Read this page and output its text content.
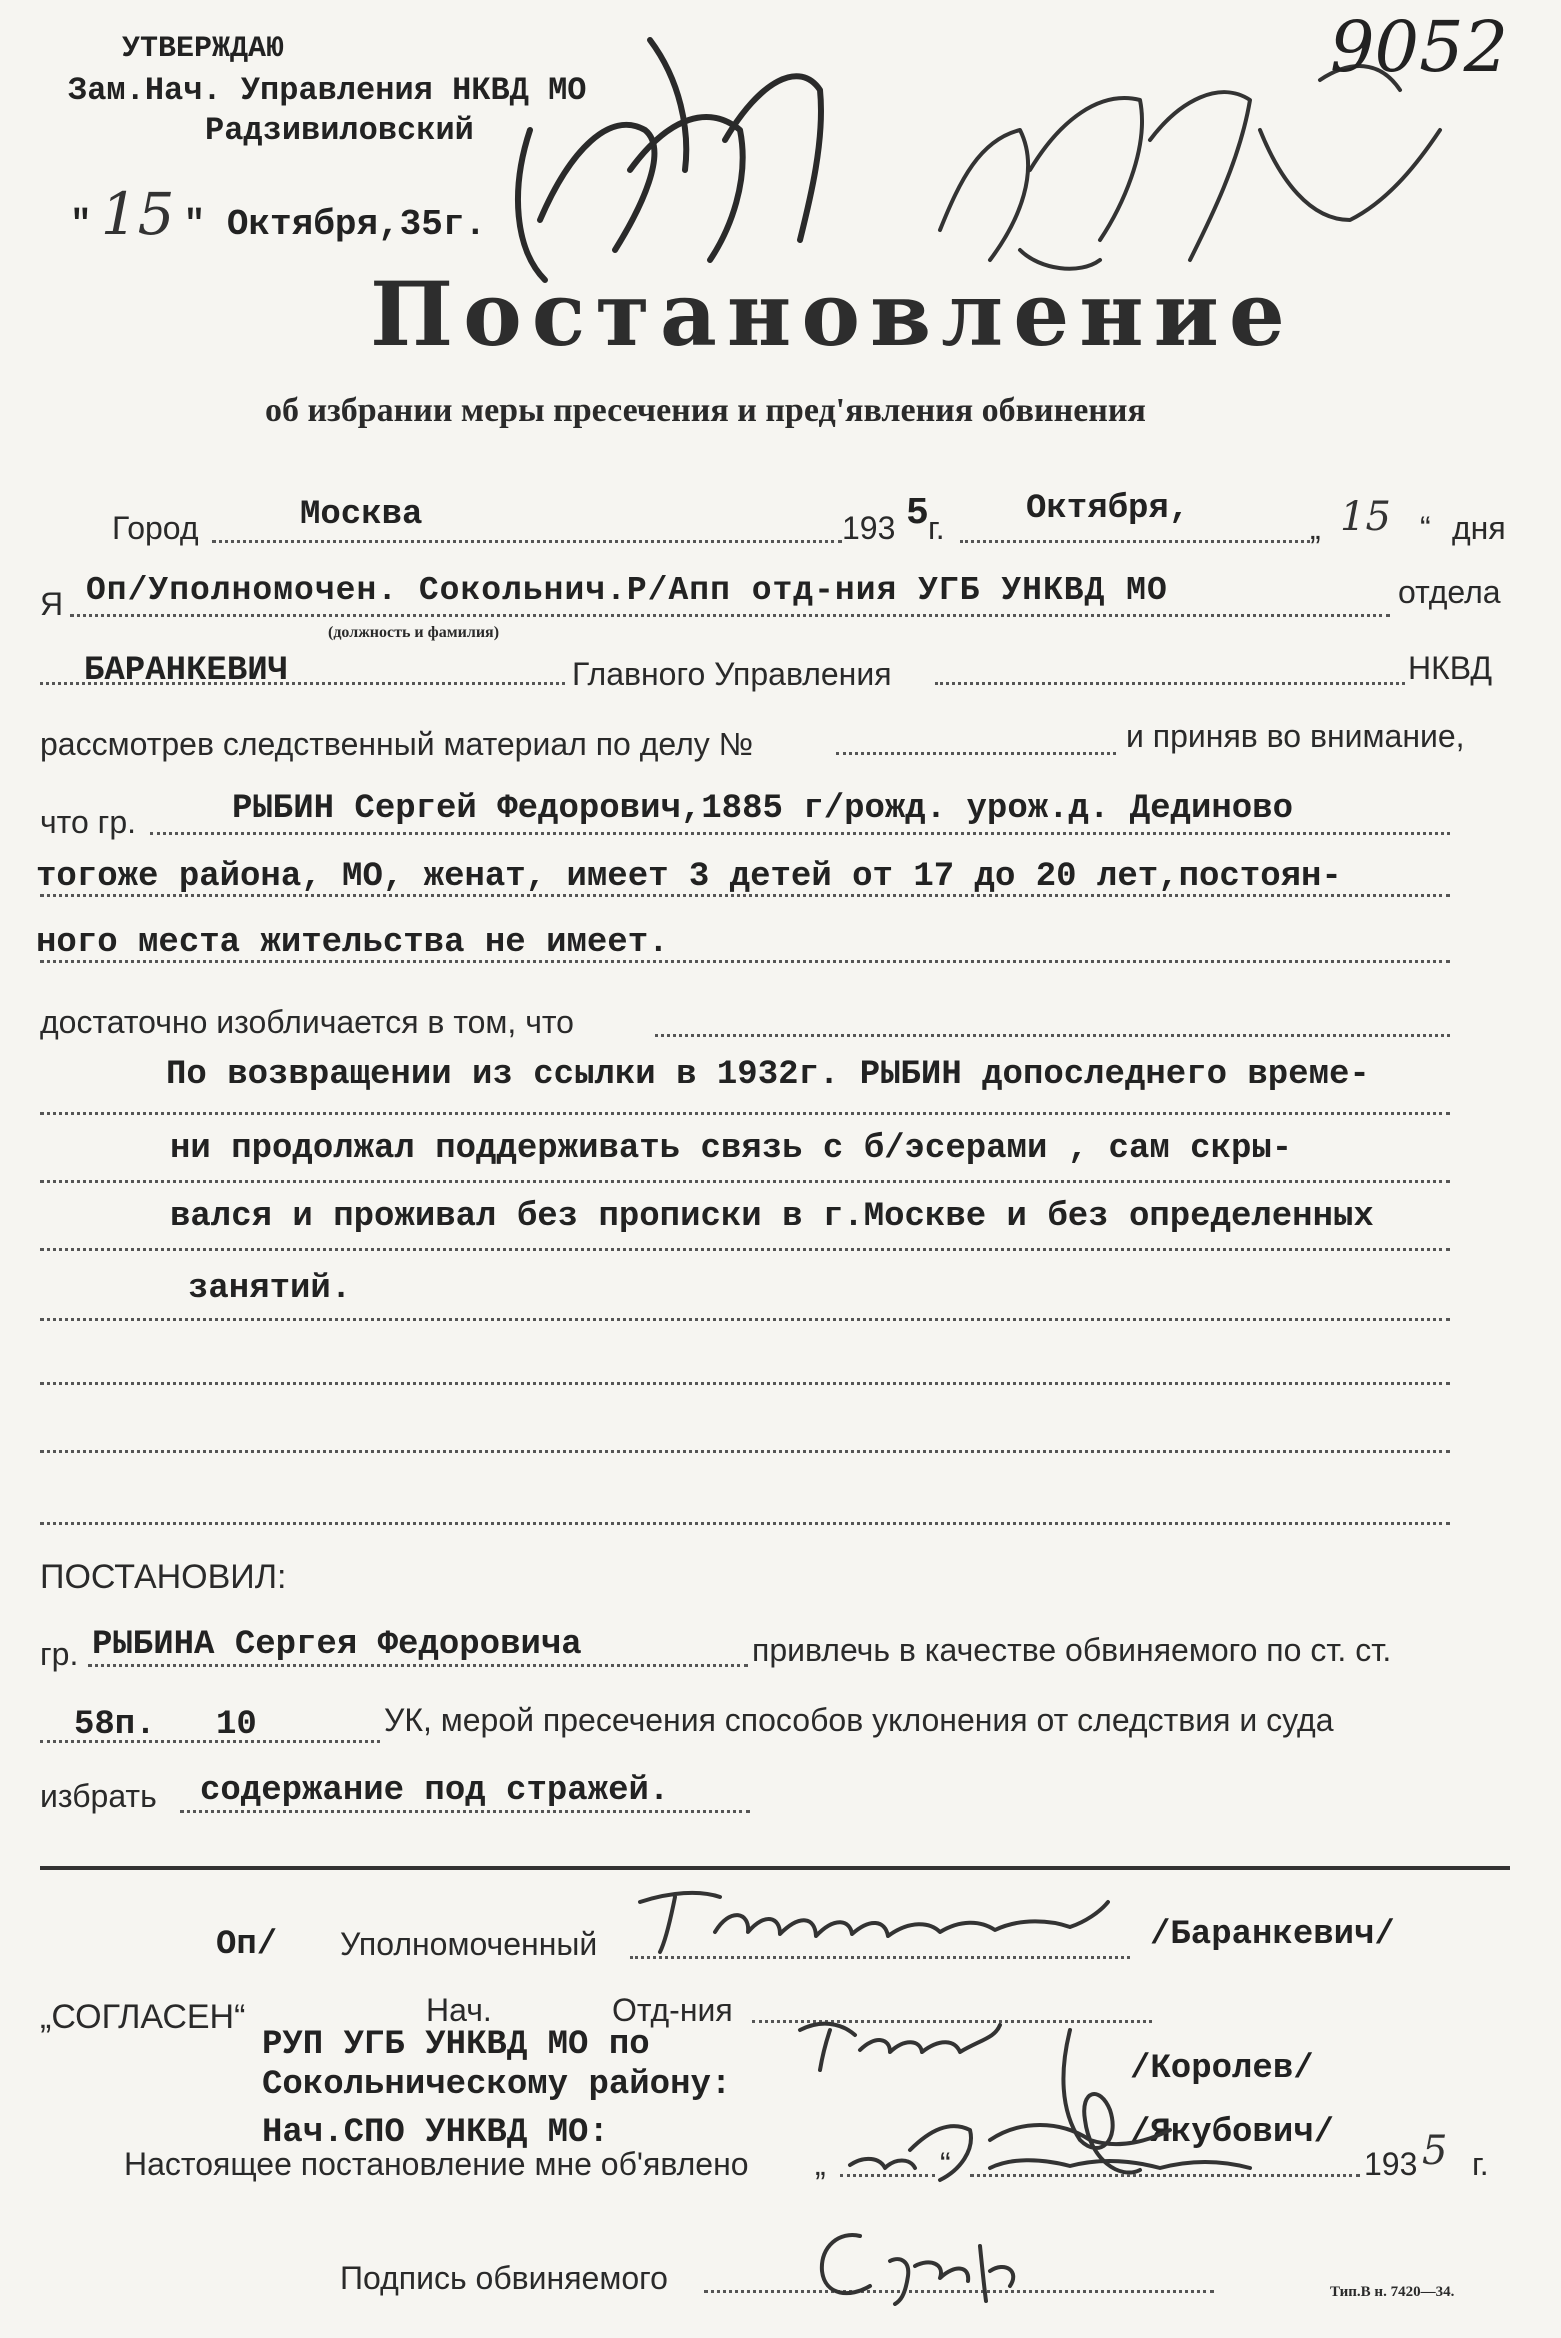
УТВЕРЖДАЮ
Зам.Нач. Управления НКВД МО
Радзивиловский
" 15 " Октября,35г.
9052
Постановление
об избрании меры пресечения и пред'явления обвинения
Город	Москва	193 5 г. Октября,	„ 15 “ дня
Я Оп/Уполномочен. Сокольнич.Р/Апп отд-ния УГБ УНКВД МО	отдела
(должность и фамилия)
БАРАНКЕВИЧ	Главного Управления	НКВД
рассмотрев следственный материал по делу №	и приняв во внимание,
что гр.	РЫБИН Сергей Федорович,1885 г/рожд. урож.д. Дединово
тогоже района, МО, женат, имеет 3 детей от 17 до 20 лет,постоян-
ного места жительства не имеет.
достаточно изобличается в том, что
По возвращении из ссылки в 1932г. РЫБИН допоследнего време-
ни продолжал поддерживать связь с б/эсерами , сам скры-
вался и проживал без прописки в г.Москве и без определенных
занятий.
ПОСТАНОВИЛ:
гр. РЫБИНА Сергея Федоровича	привлечь в качестве обвиняемого по ст. ст.
58п. 10	УК, мерой пресечения способов уклонения от следствия и суда
избрать содержание под стражей.
Оп/ Уполномоченный	/Баранкевич/
„СОГЛАСЕН“	Нач.	Отд-ния
РУП УГБ УНКВД МО по
Сокольническому району:	/Королев/
Нач.СПО УНКВД МО:	/Якубович/
Настоящее постановление мне об'явлено „	“	193 5 г.
Подпись обвиняемого	Тип.В н. 7420—34.
